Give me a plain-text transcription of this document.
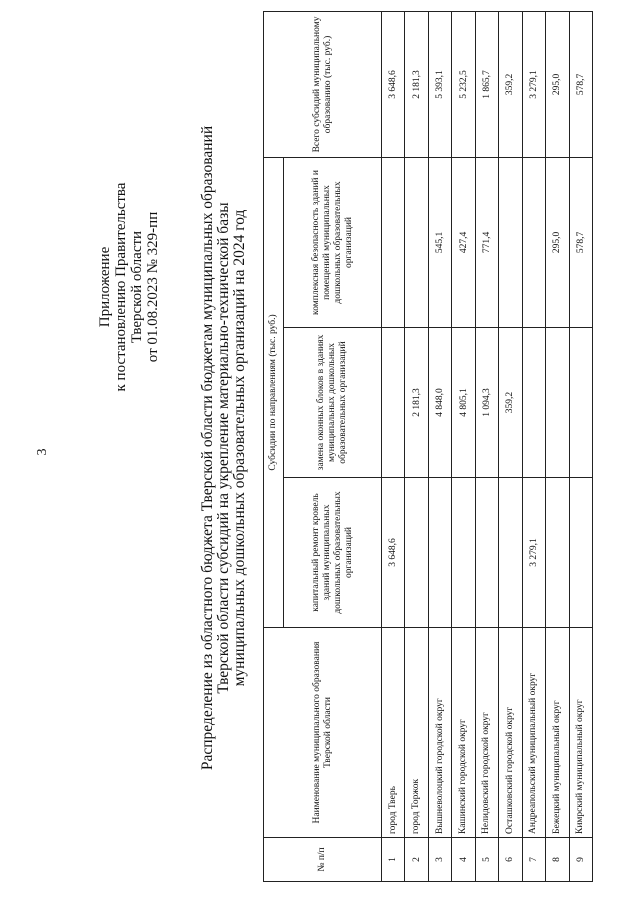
3
Приложение к постановлению Правительства Тверской области от 01.08.2023 № 329-пп Распределение из областного бюджета Тверской области бюджетам муниципальных образований Тверской области субсидий на укрепление материально-технической базы муниципальных дошкольных образовательных организаций на 2024 год
№ п/п	Наименование муниципального образования Тверской области	Субсидии по направлениям (тыс. руб.)			Всего субсидий муниципальному образованию (тыс. руб.)
		капитальный ремонт кровель зданий муниципальных дошкольных образовательных организаций	замена оконных блоков в зданиях муниципальных дошкольных образовательных организаций	комплексная безопасность зданий и помещений муниципальных дошкольных образовательных организаций	
1	город Тверь	3 648,6			3 648,6
2	город Торжок		2 181,3		2 181,3
3	Вышневолоцкий городской округ		4 848,0	545,1	5 393,1
4	Кашинский городской округ		4 805,1	427,4	5 232,5
5	Нелидовский городской округ		1 094,3	771,4	1 865,7
6	Осташковский городской округ		359,2		359,2
7	Андреапольский муниципальный округ	3 279,1			3 279,1
8	Бежецкий муниципальный округ			295,0	295,0
9	Кимрский муниципальный округ			578,7	578,7
